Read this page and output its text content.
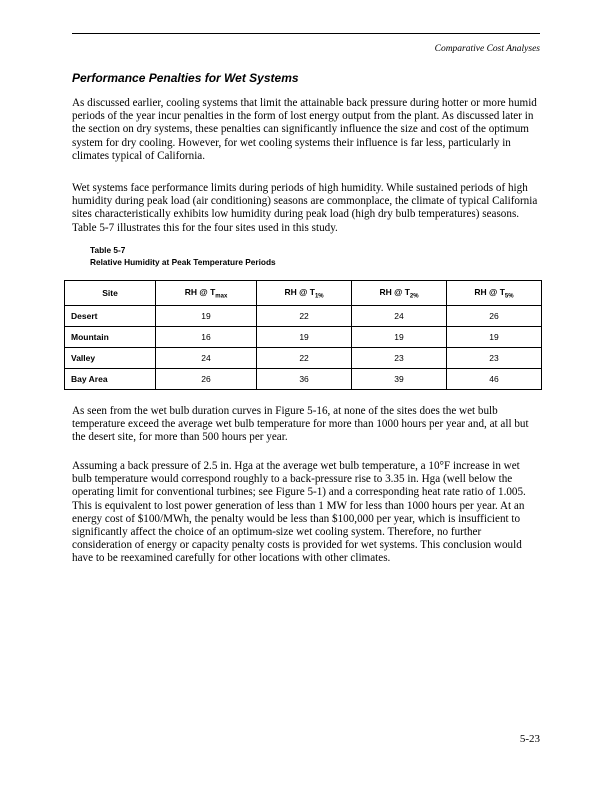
Comparative Cost Analyses
Performance Penalties for Wet Systems

As discussed earlier, cooling systems that limit the attainable back pressure during hotter or more humid periods of the year incur penalties in the form of lost energy output from the plant. As discussed later in the section on dry systems, these penalties can significantly influence the size and cost of the optimum system for dry cooling. However, for wet cooling systems their influence is far less, particularly in climates typical of California.

Wet systems face performance limits during periods of high humidity. While sustained periods of high humidity during peak load (air conditioning) seasons are commonplace, the climate of typical California sites characteristically exhibits low humidity during peak load (high dry bulb temperatures) seasons. Table 5-7 illustrates this for the four sites used in this study.

Table 5-7
Relative Humidity at Peak Temperature Periods
Site	RH @ $T_{max}$	RH @ $T_{1\%}$	RH @ $T_{2\%}$	RH @ $T_{5\%}$
Desert	19	22	24	26
Mountain	16	19	19	19
Valley	24	22	23	23
Bay Area	26	36	39	46

As seen from the wet bulb duration curves in Figure 5-16, at none of the sites does the wet bulb temperature exceed the average wet bulb temperature for more than 1000 hours per year and, at all but the desert site, for more than 500 hours per year.

Assuming a back pressure of 2.5 in. Hga at the average wet bulb temperature, a 10°F increase in wet bulb temperature would correspond roughly to a back-pressure rise to 3.35 in. Hga (well below the operating limit for conventional turbines; see Figure 5-1) and a corresponding heat rate ratio of 1.005. This is equivalent to lost power generation of less than 1 MW for less than 1000 hours per year. At an energy cost of $100/MWh, the penalty would be less than $100,000 per year, which is insufficient to significantly affect the choice of an optimum-size wet cooling system. Therefore, no further consideration of energy or capacity penalty costs is provided for wet systems. This conclusion would have to be reexamined carefully for other locations with other climates.

5-23
